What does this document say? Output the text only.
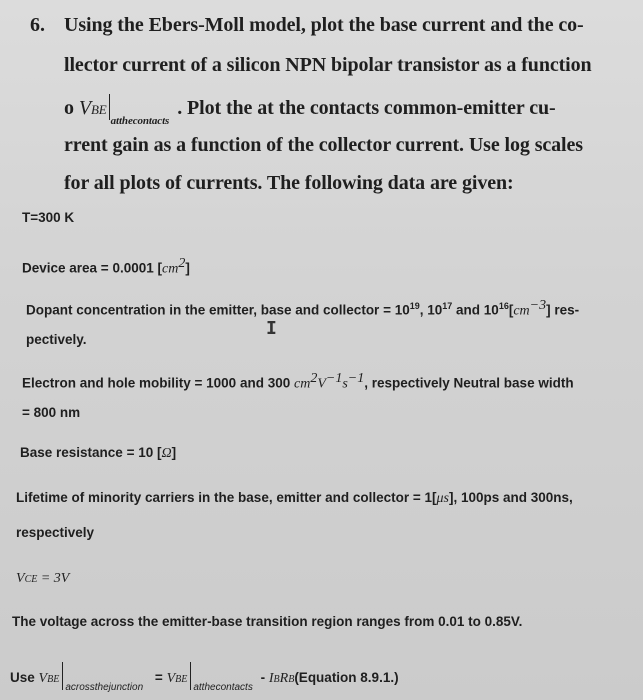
6. Using the Ebers-Moll model, plot the base current and the co-
llector current of a silicon NPN bipolar transistor as a function
o $VBE_{atthecontacts}$. Plot the at the contacts common-emitter cu-
rrent gain as a function of the collector current. Use log scales
for all plots of currents. The following data are given:
T=300 K
Device area = 0.0001 $[cm^2]$
Dopant concentration in the emitter, base and collector = $10^{19}$, $10^{17}$ and $10^{16}[cm^{-3}]$ res-
pectively.
I
Electron and hole mobility = 1000 and 300 $cm^2V^{-1}s^{-1}$, respectively Neutral base width
= 800 nm
Base resistance = 10 [Ω]
Lifetime of minority carriers in the base, emitter and collector = 1[μs], 100ps and 300ns,
respectively
VCE = 3V
The voltage across the emitter-base transition region ranges from 0.01 to 0.85V.
Use $VBE_{acrossthejunction} = VBE_{atthecontacts}$ - IBRB(Equation 8.9.1.)
